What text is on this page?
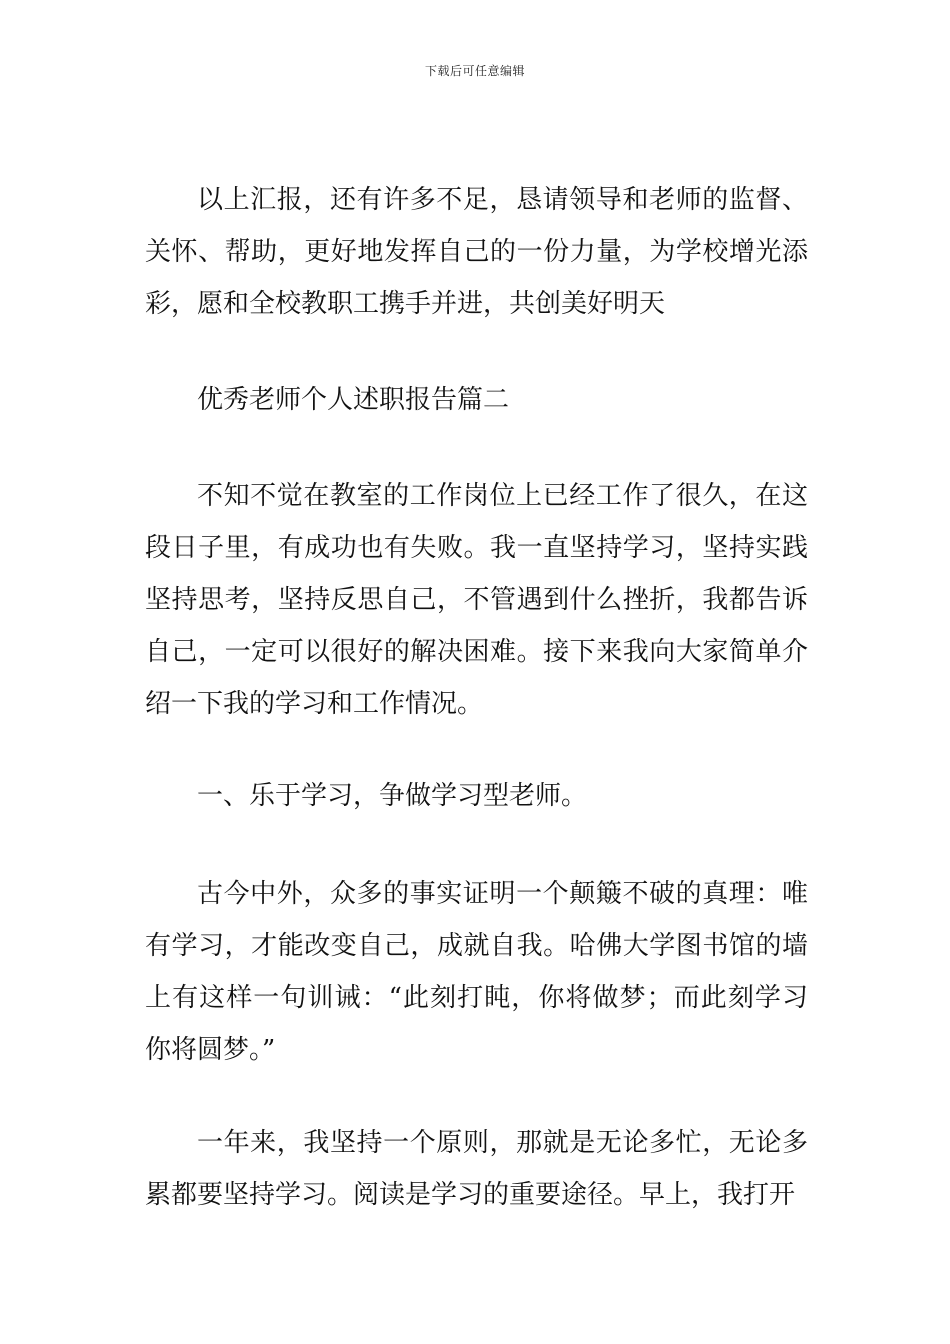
下载后可任意编辑

以上汇报，还有许多不足，恳请领导和老师的监督、关怀、帮助，更好地发挥自己的一份力量，为学校增光添彩，愿和全校教职工携手并进，共创美好明天

优秀老师个人述职报告篇二

不知不觉在教室的工作岗位上已经工作了很久，在这段日子里，有成功也有失败。我一直坚持学习，坚持实践坚持思考，坚持反思自己，不管遇到什么挫折，我都告诉自己，一定可以很好的解决困难。接下来我向大家简单介绍一下我的学习和工作情况。

一、乐于学习，争做学习型老师。

古今中外，众多的事实证明一个颠簸不破的真理：唯有学习，才能改变自己，成就自我。哈佛大学图书馆的墙上有这样一句训诫：“此刻打盹，你将做梦；而此刻学习你将圆梦。”

一年来，我坚持一个原则，那就是无论多忙，无论多累都要坚持学习。阅读是学习的重要途径。早上，我打开
